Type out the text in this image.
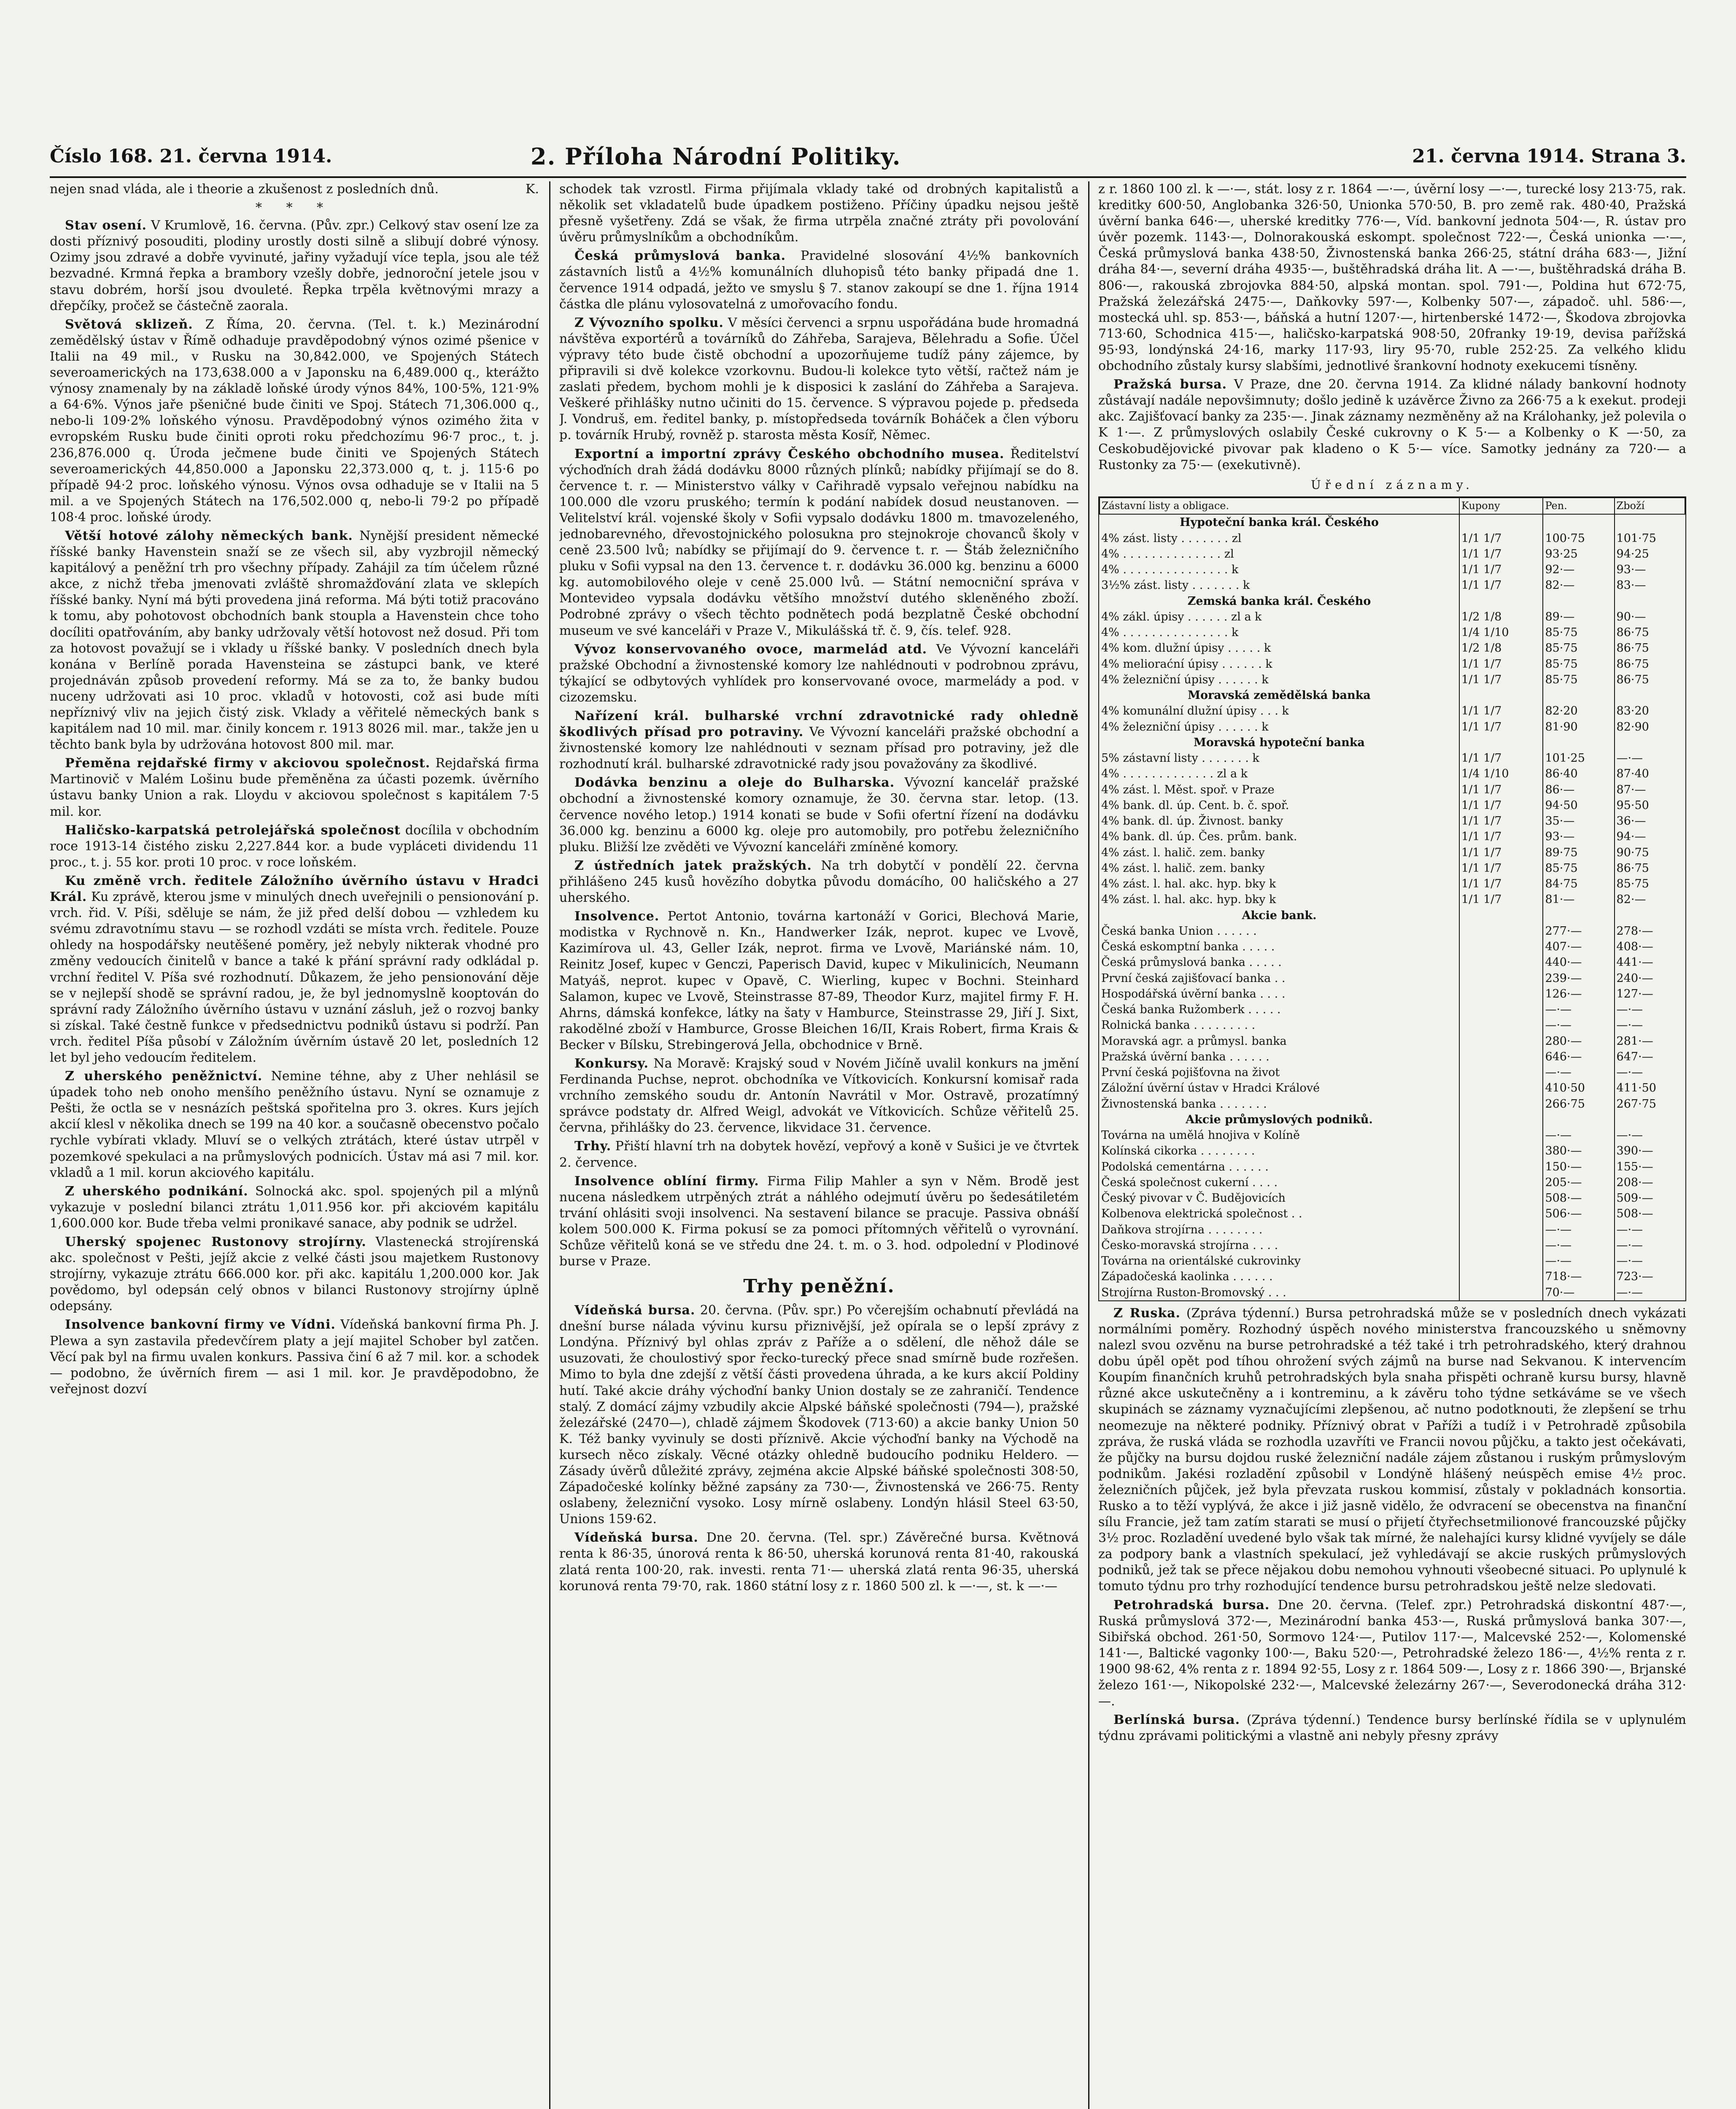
Číslo 168. 21. června 1914.	2. Příloha Národní Politiky.	21. června 1914. Strana 3.

nejen snad vláda, ale i theorie a zkušenost z posledních dnů.	K.

* * *

Stav osení. V Krumlově, 16. června. (Pův. zpr.) Celkový stav osení lze za dosti příznivý posouditi, plodiny urostly dosti silně a slibují dobré výnosy. Ozimy jsou zdravé a dobře vyvinuté, jařiny vyžadují více tepla, jsou ale též bezvadné. Krmná řepka a brambory vzešly dobře, jednoroční jetele jsou v stavu dobrém, horší jsou dvouleté. Řepka trpěla květnovými mrazy a dřepčíky, pročež se částečně zaorala.

Světová sklizeň. Z Říma, 20. června. (Tel. t. k.) Mezinárodní zemědělský ústav v Římě odhaduje pravděpodobný výnos ozimé pšenice v Italii na 49 mil., v Rusku na 30,842.000, ve Spojených Státech severoamerických na 173,638.000 a v Japonsku na 6,489.000 q., kterážto výnosy znamenaly by na základě loňské úrody výnos 84%, 100·5%, 121·9% a 64·6%. Výnos jaře pšeničné bude činiti ve Spoj. Státech 71,306.000 q., nebo-li 109·2% loňského výnosu. Pravděpodobný výnos ozimého žita v evropském Rusku bude činiti oproti roku předchozímu 96·7 proc., t. j. 236,876.000 q. Úroda ječmene bude činiti ve Spojených Státech severoamerických 44,850.000 a Japonsku 22,373.000 q, t. j. 115·6 po případě 94·2 proc. loňského výnosu. Výnos ovsa odhaduje se v Italii na 5 mil. a ve Spojených Státech na 176,502.000 q, nebo-li 79·2 po případě 108·4 proc. loňské úrody.

Větší hotové zálohy německých bank. Nynější president německé říšské banky Havenstein snaží se ze všech sil, aby vyzbrojil německý kapitálový a peněžní trh pro všechny případy. Zahájil za tím účelem různé akce, z nichž třeba jmenovati zvláště shromažďování zlata ve sklepích říšské banky. Nyní má býti provedena jiná reforma. Má býti totiž pracováno k tomu, aby pohotovost obchodních bank stoupla a Havenstein chce toho docíliti opatřováním, aby banky udržovaly větší hotovost než dosud. Při tom za hotovost považují se i vklady u říšské banky. V posledních dnech byla konána v Berlíně porada Havensteina se zástupci bank, ve které projednáván způsob provedení reformy. Má se za to, že banky budou nuceny udržovati asi 10 proc. vkladů v hotovosti, což asi bude míti nepříznivý vliv na jejich čistý zisk. Vklady a věřitelé německých bank s kapitálem nad 10 mil. mar. činily koncem r. 1913 8026 mil. mar., takže jen u těchto bank byla by udržována hotovost 800 mil. mar.

Přeměna rejdařské firmy v akciovou společnost. Rejdařská firma Martinovič v Malém Lošinu bude přeměněna za účasti pozemk. úvěrního ústavu banky Union a rak. Lloydu v akciovou společnost s kapitálem 7·5 mil. kor.

Haličsko-karpatská petrolejářská společnost docílila v obchodním roce 1913-14 čistého zisku 2,227.844 kor. a bude vypláceti dividendu 11 proc., t. j. 55 kor. proti 10 proc. v roce loňském.

Ku změně vrch. ředitele Záložního úvěrního ústavu v Hradci Král. Ku zprávě, kterou jsme v minulých dnech uveřejnili o pensionování p. vrch. řid. V. Píši, sděluje se nám, že již před delší dobou — vzhledem ku svému zdravotnímu stavu — se rozhodl vzdáti se místa vrch. ředitele. Pouze ohledy na hospodářsky neutěšené poměry, jež nebyly nikterak vhodné pro změny vedoucích činitelů v bance a také k přání správní rady odkládal p. vrchní ředitel V. Píša své rozhodnutí. Důkazem, že jeho pensionování děje se v nejlepší shodě se správní radou, je, že byl jednomyslně kooptován do správní rady Záložního úvěrního ústavu v uznání zásluh, jež o rozvoj banky si získal. Také čestně funkce v předsednictvu podniků ústavu si podrží. Pan vrch. ředitel Píša působí v Záložním úvěrním ústavě 20 let, posledních 12 let byl jeho vedoucím ředitelem.

Z uherského peněžnictví. Nemine téhne, aby z Uher nehlásil se úpadek toho neb onoho menšího peněžního ústavu. Nyní se oznamuje z Pešti, že octla se v nesnázích peštská spořitelna pro 3. okres. Kurs jejích akcií klesl v několika dnech se 199 na 40 kor. a současně obecenstvo počalo rychle vybírati vklady. Mluví se o velkých ztrátách, které ústav utrpěl v pozemkové spekulaci a na průmyslových podnicích. Ústav má asi 7 mil. kor. vkladů a 1 mil. korun akciového kapitálu.

Z uherského podnikání. Solnocká akc. spol. spojených pil a mlýnů vykazuje v poslední bilanci ztrátu 1,011.956 kor. při akciovém kapitálu 1,600.000 kor. Bude třeba velmi pronikavé sanace, aby podnik se udržel.

Uherský spojenec Rustonovy strojírny. Vlastenecká strojírenská akc. společnost v Pešti, jejíž akcie z velké části jsou majetkem Rustonovy strojírny, vykazuje ztrátu 666.000 kor. při akc. kapitálu 1,200.000 kor. Jak povědomo, byl odepsán celý obnos v bilanci Rustonovy strojírny úplně odepsány.

Insolvence bankovní firmy ve Vídni. Vídeňská bankovní firma Ph. J. Plewa a syn zastavila předevčírem platy a její majitel Schober byl zatčen. Věcí pak byl na firmu uvalen konkurs. Passiva činí 6 až 7 mil. kor. a schodek — podobno, že úvěrních firem — asi 1 mil. kor. Je pravděpodobno, že veřejnost dozví

schodek tak vzrostl. Firma přijímala vklady také od drobných kapitalistů a několik set vkladatelů bude úpadkem postiženo. Příčiny úpadku nejsou ještě přesně vyšetřeny. Zdá se však, že firma utrpěla značné ztráty při povolování úvěru průmyslníkům a obchodníkům.

Česká průmyslová banka. Pravidelné slosování 4½% bankovních zástavních listů a 4½% komunálních dluhopisů této banky připadá dne 1. července 1914 odpadá, ježto ve smyslu § 7. stanov zakoupí se dne 1. října 1914 částka dle plánu vylosovatelná z umořovacího fondu.

Z Vývozního spolku. V měsíci červenci a srpnu uspořádána bude hromadná návštěva exportérů a továrníků do Záhřeba, Sarajeva, Bělehradu a Sofie. Účel výpravy této bude čistě obchodní a upozorňujeme tudíž pány zájemce, by připravili si dvě kolekce vzorkovnu. Budou-li kolekce tyto větší, račtež nám je zaslati předem, bychom mohli je k disposici k zaslání do Záhřeba a Sarajeva. Veškeré přihlášky nutno učiniti do 15. července. S výpravou pojede p. předseda J. Vondruš, em. ředitel banky, p. místopředseda továrník Boháček a člen výboru p. továrník Hrubý, rovněž p. starosta města Kosíř, Němec.

Exportní a importní zprávy Českého obchodního musea. Ředitelství výchoďních drah žádá dodávku 8000 různých plínků; nabídky přijímají se do 8. července t. r. — Ministerstvo války v Cařihradě vypsalo veřejnou nabídku na 100.000 dle vzoru pruského; termín k podání nabídek dosud neustanoven. — Velitelství král. vojenské školy v Sofii vypsalo dodávku 1800 m. tmavozeleného, jednobarevného, dřevostojnického polosukna pro stejnokroje chovanců školy v ceně 23.500 lvů; nabídky se přijímají do 9. července t. r. — Štáb železničního pluku v Sofii vypsal na den 13. července t. r. dodávku 36.000 kg. benzinu a 6000 kg. automobilového oleje v ceně 25.000 lvů. — Státní nemocniční správa v Montevideo vypsala dodávku většího množství dutého skleněného zboží. Podrobné zprávy o všech těchto podnětech podá bezplatně České obchodní museum ve své kanceláři v Praze V., Mikulášská tř. č. 9, čís. telef. 928.

Vývoz konservovaného ovoce, marmelád atd. Ve Vývozní kanceláři pražské Obchodní a živnostenské komory lze nahlédnouti v podrobnou zprávu, týkající se odbytových vyhlídek pro konservované ovoce, marmelády a pod. v cizozemsku.

Nařízení král. bulharské vrchní zdravotnické rady ohledně škodlivých přísad pro potraviny. Ve Vývozní kanceláři pražské obchodní a živnostenské komory lze nahlédnouti v seznam přísad pro potraviny, jež dle rozhodnutí král. bulharské zdravotnické rady jsou považovány za škodlivé.

Dodávka benzinu a oleje do Bulharska. Vývozní kancelář pražské obchodní a živnostenské komory oznamuje, že 30. června star. letop. (13. července nového letop.) 1914 konati se bude v Sofii ofertní řízení na dodávku 36.000 kg. benzinu a 6000 kg. oleje pro automobily, pro potřebu železničního pluku. Bližší lze zvěděti ve Vývozní kanceláři zmíněné komory.

Z ústředních jatek pražských. Na trh dobytčí v pondělí 22. června přihlášeno 245 kusů hovězího dobytka původu domácího, 00 haličského a 27 uherského.

Insolvence. Pertot Antonio, továrna kartonáží v Gorici, Blechová Marie, modistka v Rychnově n. Kn., Handwerker Izák, neprot. kupec ve Lvově, Kazimírova ul. 43, Geller Izák, neprot. firma ve Lvově, Mariánské nám. 10, Reinitz Josef, kupec v Genczi, Paperisch David, kupec v Mikulinicích, Neumann Matyáš, neprot. kupec v Opavě, C. Wierling, kupec v Bochni. Steinhard Salamon, kupec ve Lvově, Steinstrasse 87-89, Theodor Kurz, majitel firmy F. H. Ahrns, dámská konfekce, látky na šaty v Hamburce, Steinstrasse 29, Jiří J. Sixt, rakodělné zboží v Hamburce, Grosse Bleichen 16/II, Krais Robert, firma Krais & Becker v Bílsku, Strebingerová Jella, obchodnice v Brně.

Konkursy. Na Moravě: Krajský soud v Novém Jičíně uvalil konkurs na jmění Ferdinanda Puchse, neprot. obchodníka ve Vítkovicích. Konkursní komisař rada vrchního zemského soudu dr. Antonín Navrátil v Mor. Ostravě, prozatímný správce podstaty dr. Alfred Weigl, advokát ve Vítkovicích. Schůze věřitelů 25. června, přihlášky do 23. července, likvidace 31. července.

Trhy. Přiští hlavní trh na dobytek hovězí, vepřový a koně v Sušici je ve čtvrtek 2. července.

Insolvence oblíní firmy. Firma Filip Mahler a syn v Něm. Brodě jest nucena následkem utrpěných ztrát a náhlého odejmutí úvěru po šedesátiletém trvání ohlásiti svoji insolvenci. Na sestavení bilance se pracuje. Passiva obnáší kolem 500.000 K. Firma pokusí se za pomoci přítomných věřitelů o vyrovnání. Schůze věřitelů koná se ve středu dne 24. t. m. o 3. hod. odpolední v Plodinové burse v Praze.

Trhy peněžní.

Vídeňská bursa. 20. června. (Pův. spr.) Po včerejším ochabnutí převládá na dnešní burse nálada vývinu kursu přiznivější, jež opírala se o lepší zprávy z Londýna. Příznivý byl ohlas zpráv z Paříže a o sdělení, dle něhož dále se usuzovati, že choulostivý spor řecko-turecký přece snad smírně bude rozřešen. Mimo to byla dne zdejší z větší části provedena úhrada, a ke kurs akcií Poldiny hutí. Také akcie dráhy výchoďní banky Union dostaly se ze zahraničí. Tendence stalý. Z domácí zájmy vzbudily akcie Alpské báňské společnosti (794—), pražské železářské (2470—), chladě zájmem Škodovek (713·60) a akcie banky Union 50 K. Též banky vyvinuly se dosti příznivě. Akcie výchoďní banky na Východě na kursech něco získaly. Věcné otázky ohledně budoucího podniku Heldero. — Zásady úvěrů důležité zprávy, zejména akcie Alpské báňské společnosti 308·50, Západočeské kolínky běžné zapsány za 730·—, Živnostenská ve 266·75. Renty oslabeny, železniční vysoko. Losy mírně oslabeny. Londýn hlásil Steel 63·50, Unions 159·62.

Vídeňská bursa. Dne 20. června. (Tel. spr.) Závěrečné bursa. Květnová renta k 86·35, únorová renta k 86·50, uherská korunová renta 81·40, rakouská zlatá renta 100·20, rak. investi. renta 71·— uherská zlatá renta 96·35, uherská korunová renta 79·70, rak. 1860 státní losy z r. 1860 500 zl. k —·—, st. k —·—

z r. 1860 100 zl. k —·—, stát. losy z r. 1864 —·—, úvěrní losy —·—, turecké losy 213·75, rak. kreditky 600·50, Anglobanka 326·50, Unionka 570·50, B. pro země rak. 480·40, Pražská úvěrní banka 646·—, uherské kreditky 776·—, Víd. bankovní jednota 504·—, R. ústav pro úvěr pozemk. 1143·—, Dolnorakouská eskompt. společnost 722·—, Česká unionka —·—, Česká průmyslová banka 438·50, Živnostenská banka 266·25, státní dráha 683·—, Jižní dráha 84·—, severní dráha 4935·—, buštěhradská dráha lit. A —·—, buštěhradská dráha B. 806·—, rakouská zbrojovka 884·50, alpská montan. spol. 791·—, Poldina hut 672·75, Pražská železářská 2475·—, Daňkovky 597·—, Kolbenky 507·—, západoč. uhl. 586·—, mostecká uhl. sp. 853·—, báňská a hutní 1207·—, hirtenberské 1472·—, Škodova zbrojovka 713·60, Schodnica 415·—, haličsko-karpatská 908·50, 20franky 19·19, devisa pařížská 95·93, londýnská 24·16, marky 117·93, liry 95·70, ruble 252·25. Za velkého klidu obchodního zůstaly kursy slabšími, jednotlivé šrankovní hodnoty exekucemi tísněny.

Pražská bursa. V Praze, dne 20. června 1914. Za klidné nálady bankovní hodnoty zůstávají nadále nepovšimnuty; došlo jedině k uzávěrce Živno za 266·75 a k exekut. prodeji akc. Zajišťovací banky za 235·—. Jinak záznamy nezměněny až na Králohanky, jež polevila o K 1·—. Z průmyslových oslabily České cukrovny o K 5·— a Kolbenky o K —·50, za Ceskobudějovické pivovar pak kladeno o K 5·— více. Samotky jednány za 720·— a Rustonky za 75·— (exekutivně).

Úřední záznamy.
Zástavní listy a obligace.	Kupony	Pen.	Zboží
Hypoteční banka král. Českého			
4% zást. listy . . . . . . . zl	1/1 1/7	100·75	101·75
4% . . . . . . . . . . . . . . zl	1/1 1/7	93·25	94·25
4% . . . . . . . . . . . . . . . k	1/1 1/7	92·—	93·—
3½% zást. listy . . . . . . . k	1/1 1/7	82·—	83·—
Zemská banka král. Českého			
4% zákl. úpisy . . . . . . zl a k	1/2 1/8	89·—	90·—
4% . . . . . . . . . . . . . . . k	1/4 1/10	85·75	86·75
4% kom. dlužní úpisy . . . . . k	1/2 1/8	85·75	86·75
4% melioraćní úpisy . . . . . . k	1/1 1/7	85·75	86·75
4% železniční úpisy . . . . . . k	1/1 1/7	85·75	86·75
Moravská zemědělská banka			
4% komunální dlužní úpisy . . . k	1/1 1/7	82·20	83·20
4% železniční úpisy . . . . . . k	1/1 1/7	81·90	82·90
Moravská hypoteční banka			
5% zástavní listy . . . . . . . k	1/1 1/7	101·25	—·—
4% . . . . . . . . . . . . . zl a k	1/4 1/10	86·40	87·40
4% zást. l. Měst. spoř. v Praze	1/1 1/7	86·—	87·—
4% bank. dl. úp. Cent. b. č. spoř.	1/1 1/7	94·50	95·50
4% bank. dl. úp. Živnost. banky	1/1 1/7	35·—	36·—
4% bank. dl. úp. Čes. prům. bank.	1/1 1/7	93·—	94·—
4% zást. l. halič. zem. banky	1/1 1/7	89·75	90·75
4% zást. l. halič. zem. banky	1/1 1/7	85·75	86·75
4% zást. l. hal. akc. hyp. bky k	1/1 1/7	84·75	85·75
4% zást. l. hal. akc. hyp. bky k	1/1 1/7	81·—	82·—
Akcie bank.			
Česká banka Union . . . . . .		277·—	278·—
Česká eskomptní banka . . . . .		407·—	408·—
Česká průmyslová banka . . . . .		440·—	441·—
První česká zajišťovací banka . .		239·—	240·—
Hospodářská úvěrní banka . . . .		126·—	127·—
Česká banka Ružomberk . . . . .		—·—	—·—
Rolnická banka . . . . . . . . .		—·—	—·—
Moravská agr. a průmysl. banka		280·—	281·—
Pražská úvěrní banka . . . . . .		646·—	647·—
První česká pojišťovna na život		—·—	—·—
Záložní úvěrní ústav v Hradci Králové		410·50	411·50
Živnostenská banka . . . . . . .		266·75	267·75
Akcie průmyslových podniků.			
Továrna na umělá hnojiva v Kolíně		—·—	—·—
Kolínská cikorka . . . . . . . .		380·—	390·—
Podolská cementárna . . . . . .		150·—	155·—
Česká společnost cukerní . . . .		205·—	208·—
Český pivovar v Č. Budějovicích		508·—	509·—
Kolbenova elektrická společnost . .		506·—	508·—
Daňkova strojírna . . . . . . . .		—·—	—·—
Česko-moravská strojírna . . . .		—·—	—·—
Továrna na orientálské cukrovinky		—·—	—·—
Západočeská kaolinka . . . . . .		718·—	723·—
Strojírna Ruston-Bromovský . . .		70·—	—·—

Z Ruska. (Zpráva týdenní.) Bursa petrohradská může se v posledních dnech vykázati normálními poměry. Rozhodný úspěch nového ministerstva francouzského u sněmovny nalezl svou ozvěnu na burse petrohradské a též také i trh petrohradského, který drahnou dobu úpěl opět pod tíhou ohrožení svých zájmů na burse nad Sekvanou. K intervencím Koupím finančních kruhů petrohradských byla snaha přispěti ochraně kursu bursy, hlavně různé akce uskutečněny a i kontreminu, a k závěru toho týdne setkáváme se ve všech skupinách se záznamy vyznačujícími zlepšenou, ač nutno podotknouti, že zlepšení se trhu neomezuje na některé podniky. Příznivý obrat v Paříži a tudíž i v Petrohradě způsobila zpráva, že ruská vláda se rozhodla uzavříti ve Francii novou půjčku, a takto jest očekávati, že půjčky na bursu dojdou ruské železniční nadále zájem zůstanou i ruským průmyslovým podnikům. Jakési rozladění způsobil v Londýně hlášený neúspěch emise 4½ proc. železničních půjček, jež byla převzata ruskou kommisí, zůstaly v pokladnách konsortia. Rusko a to těží vyplývá, že akce i již jasně vidělo, že odvracení se obecenstva na finanční sílu Francie, jež tam zatím starati se musí o přijetí čtyřechsetmilionové francouzské půjčky 3½ proc. Rozladění uvedené bylo však tak mírné, že nalehajíci kursy klidné vyvíjely se dále za podpory bank a vlastních spekulací, jež vyhledávají se akcie ruských průmyslových podniků, jež tak se přece nějakou dobu nemohou vyhnouti všeobecné situaci. Po uplynulé k tomuto týdnu pro trhy rozhodující tendence bursu petrohradskou ještě nelze sledovati.

Petrohradská bursa. Dne 20. června. (Telef. zpr.) Petrohradská diskontní 487·—, Ruská průmyslová 372·—, Mezinárodní banka 453·—, Ruská průmyslová banka 307·—, Sibiřská obchod. 261·50, Sormovo 124·—, Putilov 117·—, Malcevské 252·—, Kolomenské 141·—, Baltické vagonky 100·—, Baku 520·—, Petrohradské železo 186·—, 4½% renta z r. 1900 98·62, 4% renta z r. 1894 92·55, Losy z r. 1864 509·—, Losy z r. 1866 390·—, Brjanské železo 161·—, Nikopolské 232·—, Malcevské železárny 267·—, Severodonecká dráha 312·—.

Berlínská bursa. (Zpráva týdenní.) Tendence bursy berlínské řídila se v uplynulém týdnu zprávami politickými a vlastně ani nebyly přesny zprávy
